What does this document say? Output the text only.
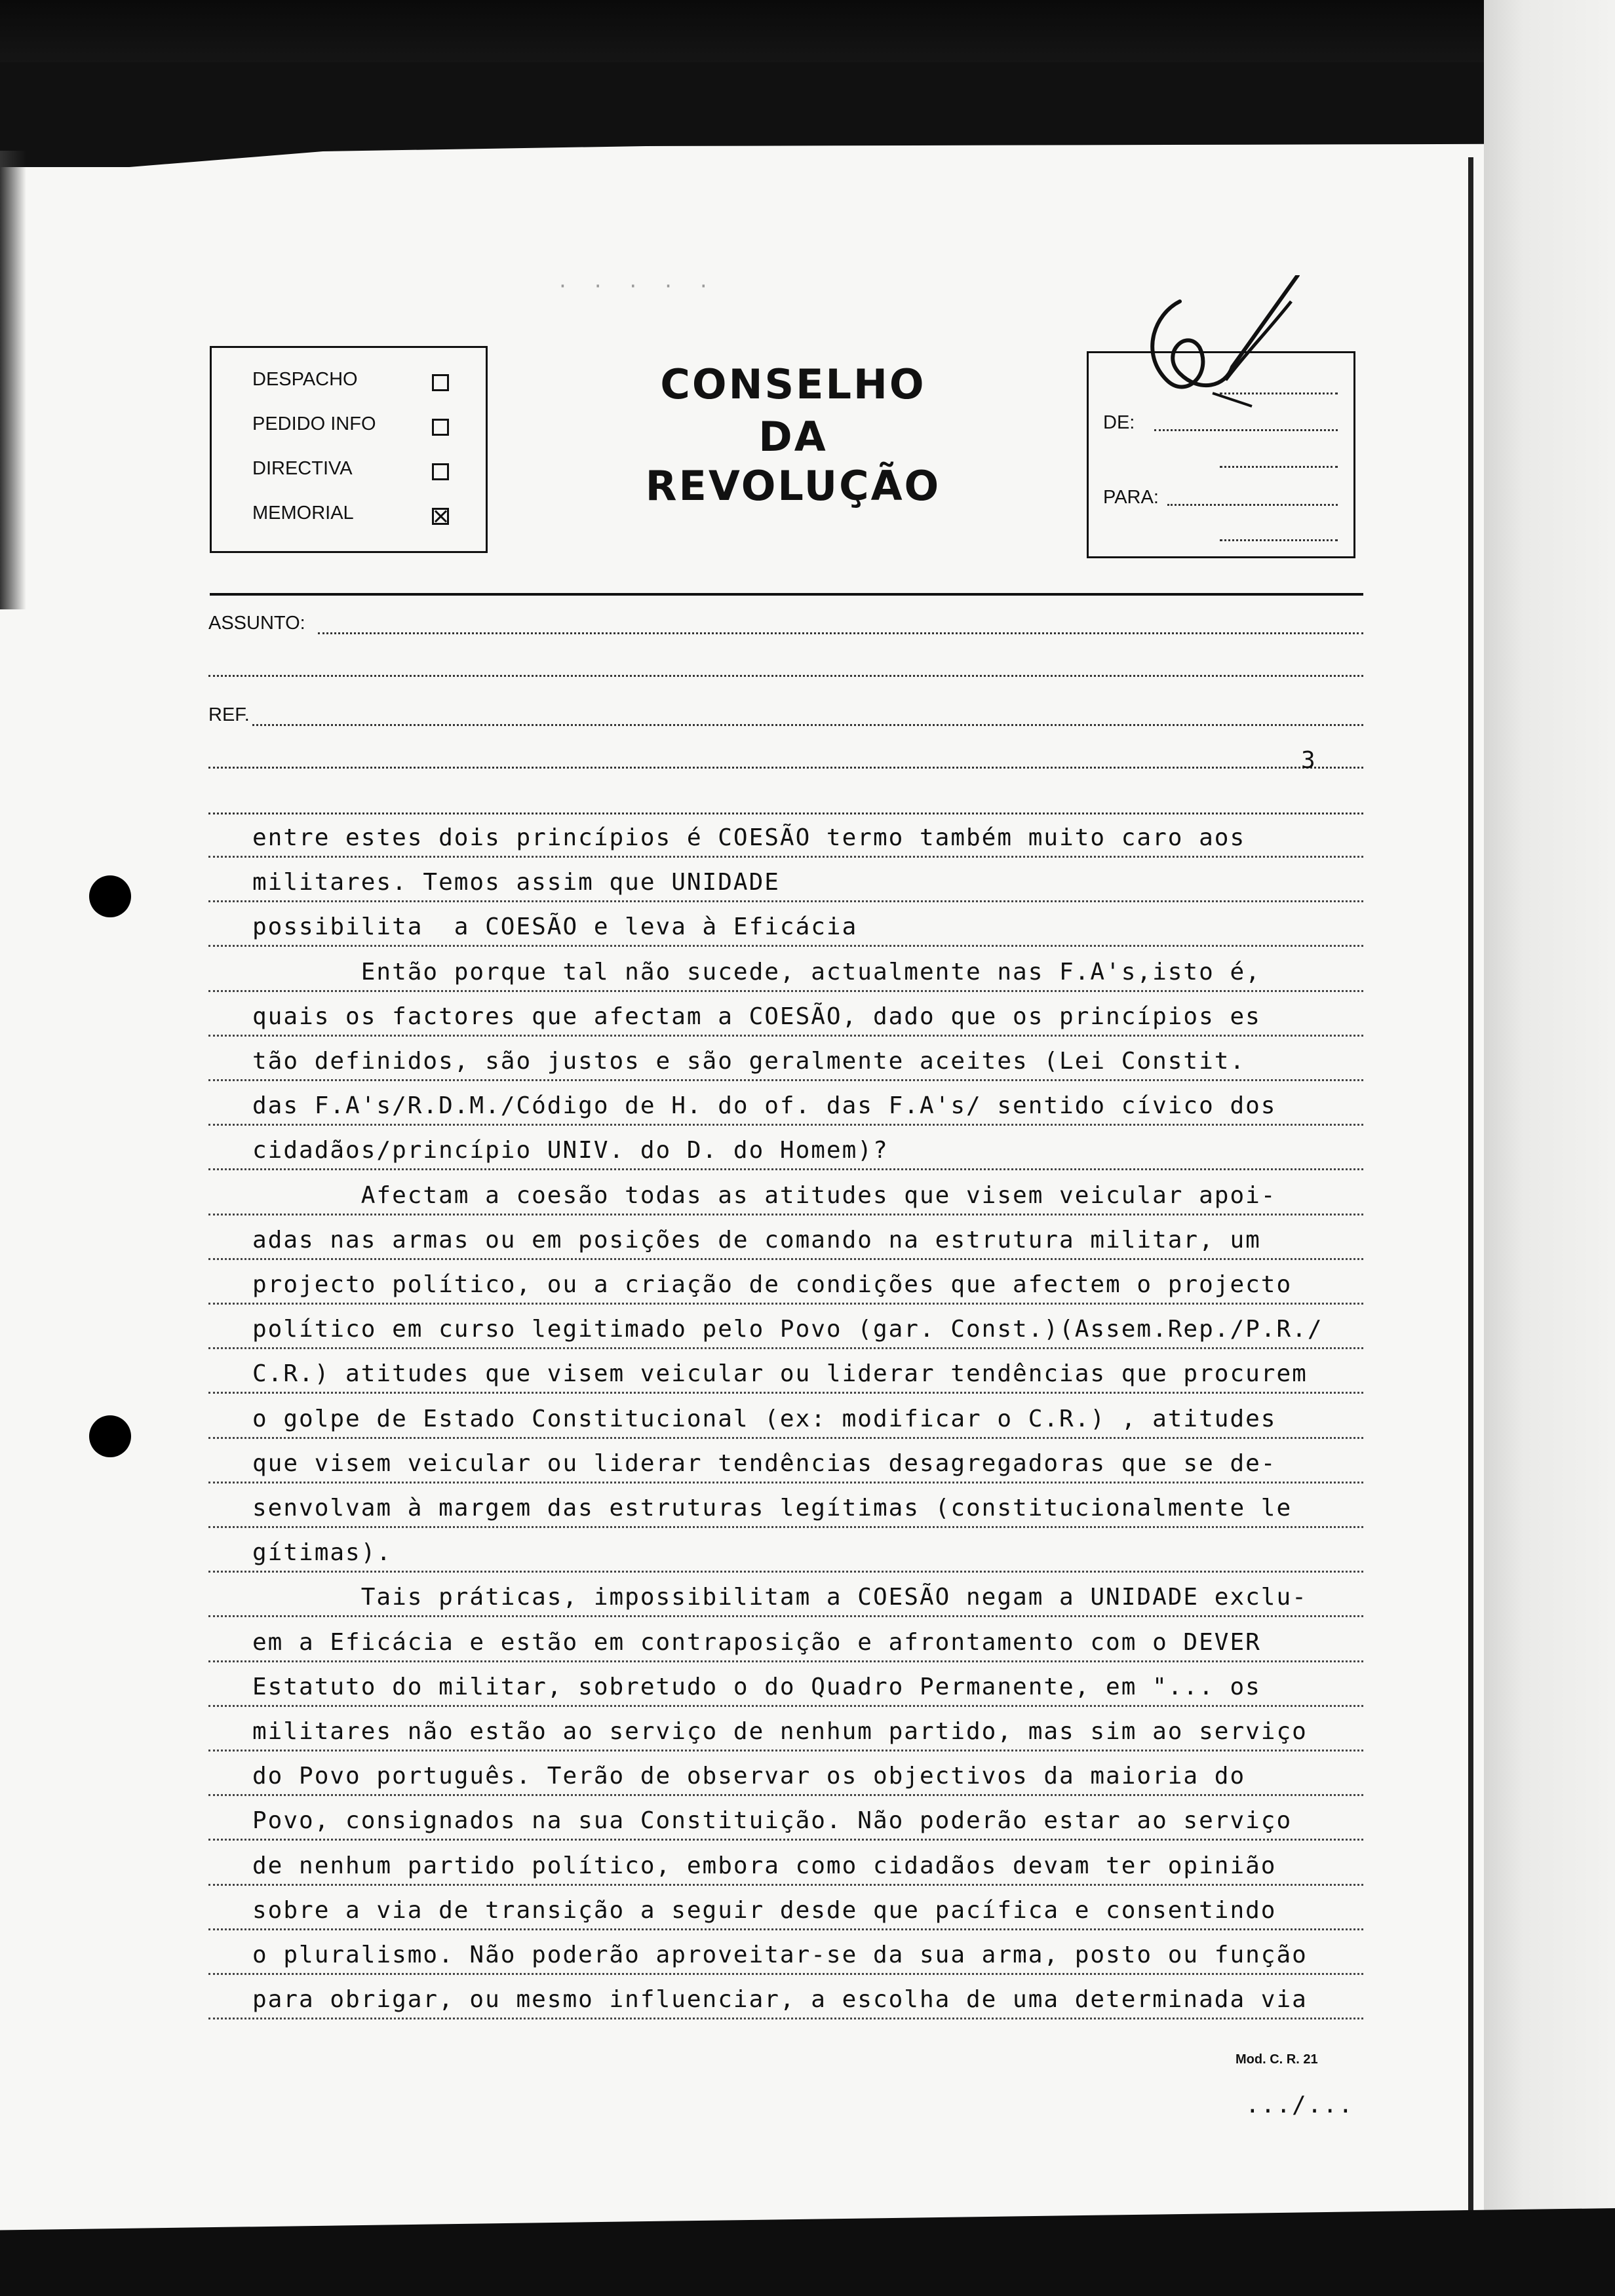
DESPACHO
PEDIDO INFO
DIRECTIVA
MEMORIAL
CONSELHO
DA
REVOLUÇÃO
DE:
PARA:
ASSUNTO:
REF.
3
entre estes dois princípios é COESÃO termo também muito caro aos
militares. Temos assim que UNIDADE
possibilita  a COESÃO e leva à Eficácia
Então porque tal não sucede, actualmente nas F.A's,isto é,
quais os factores que afectam a COESÃO, dado que os princípios es
tão definidos, são justos e são geralmente aceites (Lei Constit.
das F.A's/R.D.M./Código de H. do of. das F.A's/ sentido cívico dos
cidadãos/princípio UNIV. do D. do Homem)?
Afectam a coesão todas as atitudes que visem veicular apoi-
adas nas armas ou em posições de comando na estrutura militar, um
projecto político, ou a criação de condições que afectem o projecto
político em curso legitimado pelo Povo (gar. Const.)(Assem.Rep./P.R./
C.R.) atitudes que visem veicular ou liderar tendências que procurem
o golpe de Estado Constitucional (ex: modificar o C.R.) , atitudes
que visem veicular ou liderar tendências desagregadoras que se de-
senvolvam à margem das estruturas legítimas (constitucionalmente le
gítimas).
Tais práticas, impossibilitam a COESÃO negam a UNIDADE exclu-
em a Eficácia e estão em contraposição e afrontamento com o DEVER
Estatuto do militar, sobretudo o do Quadro Permanente, em "... os
militares não estão ao serviço de nenhum partido, mas sim ao serviço
do Povo português. Terão de observar os objectivos da maioria do
Povo, consignados na sua Constituição. Não poderão estar ao serviço
de nenhum partido político, embora como cidadãos devam ter opinião
sobre a via de transição a seguir desde que pacífica e consentindo
o pluralismo. Não poderão aproveitar-se da sua arma, posto ou função
para obrigar, ou mesmo influenciar, a escolha de uma determinada via
Mod. C. R. 21
.../...
· · · · ·
